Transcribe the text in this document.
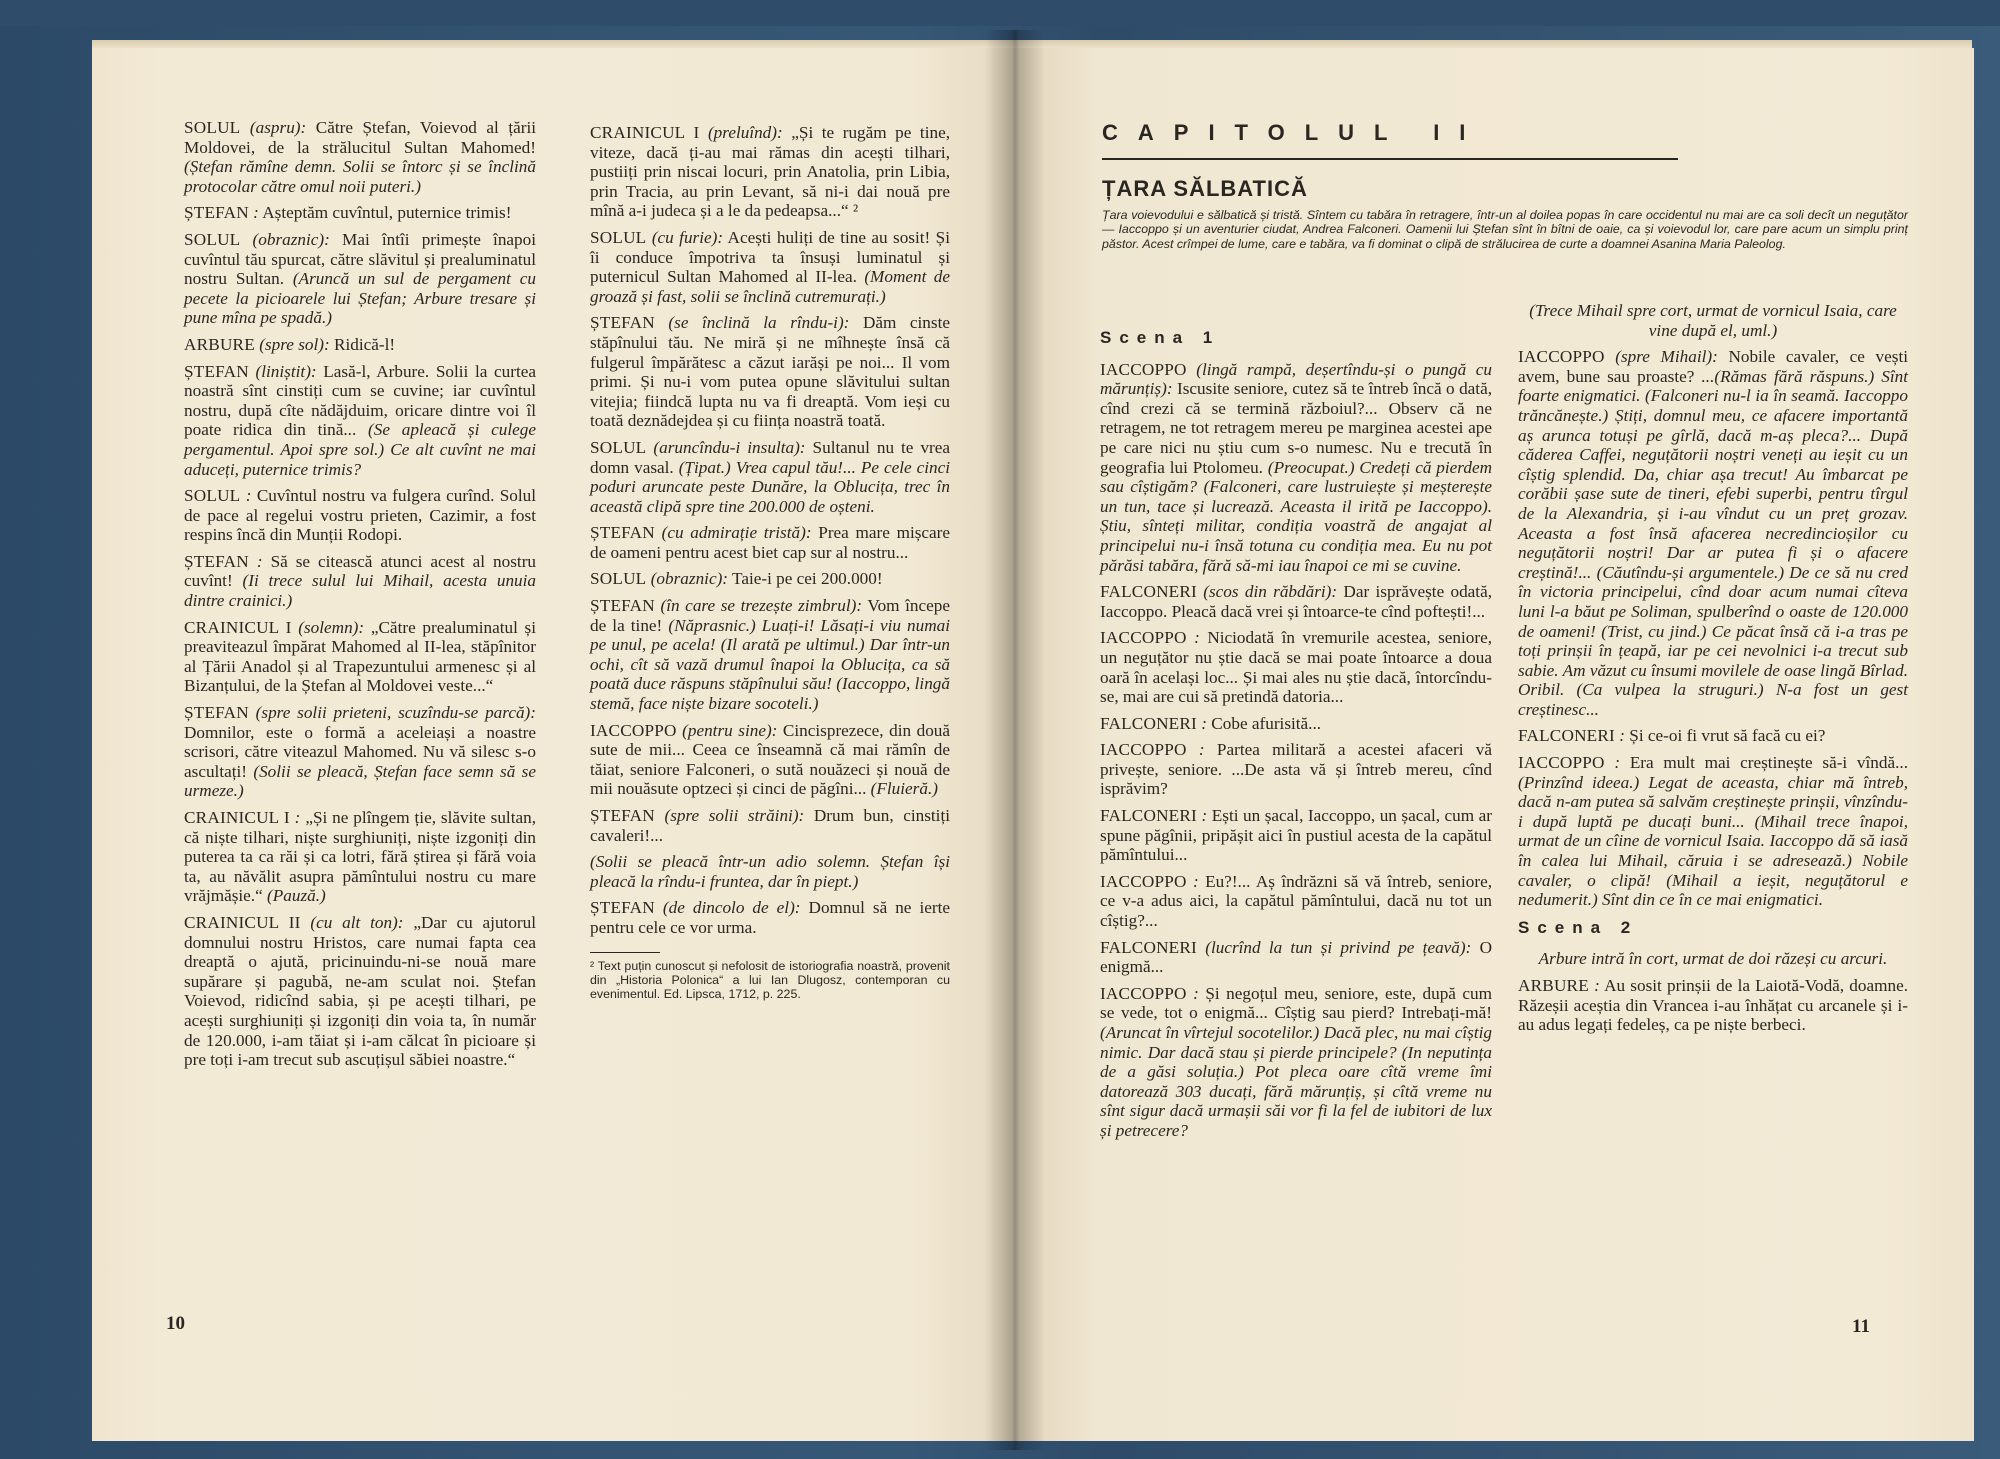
SOLUL (aspru): Către Ștefan, Voievod al țării Moldovei, de la strălucitul Sultan Mahomed! (Ștefan rămîne demn. Solii se întorc și se înclină protocolar către omul noii puteri.)

ȘTEFAN : Așteptăm cuvîntul, puternice trimis!

SOLUL (obraznic): Mai întîi primește înapoi cuvîntul tău spurcat, către slăvitul și prealuminatul nostru Sultan. (Aruncă un sul de pergament cu pecete la picioarele lui Ștefan; Arbure tresare și pune mîna pe spadă.)

ARBURE (spre sol): Ridică-l!

ȘTEFAN (liniștit): Lasă-l, Arbure. Solii la curtea noastră sînt cinstiți cum se cuvine; iar cuvîntul nostru, după cîte nădăjduim, oricare dintre voi îl poate ridica din tină... (Se apleacă și culege pergamentul. Apoi spre sol.) Ce alt cuvînt ne mai aduceți, puternice trimis?

SOLUL : Cuvîntul nostru va fulgera curînd. Solul de pace al regelui vostru prieten, Cazimir, a fost respins încă din Munții Rodopi.

ȘTEFAN : Să se citească atunci acest al nostru cuvînt! (Ii trece sulul lui Mihail, acesta unuia dintre crainici.)

CRAINICUL I (solemn): „Către prealuminatul și preaviteazul împărat Mahomed al II-lea, stăpînitor al Țării Anadol și al Trapezuntului armenesc și al Bizanțului, de la Ștefan al Moldovei veste...“

ȘTEFAN (spre solii prieteni, scuzîndu-se parcă): Domnilor, este o formă a aceleiași a noastre scrisori, către viteazul Mahomed. Nu vă silesc s-o ascultați! (Solii se pleacă, Ștefan face semn să se urmeze.)

CRAINICUL I : „Și ne plîngem ție, slăvite sultan, că niște tilhari, niște surghiuniți, niște izgoniți din puterea ta ca răi și ca lotri, fără știrea și fără voia ta, au năvălit asupra pămîntului nostru cu mare vrăjmășie.“ (Pauză.)

CRAINICUL II (cu alt ton): „Dar cu ajutorul domnului nostru Hristos, care numai fapta cea dreaptă o ajută, pricinuindu-ni-se nouă mare supărare și pagubă, ne-am sculat noi. Ștefan Voievod, ridicînd sabia, și pe acești tilhari, pe acești surghiuniți și izgoniți din voia ta, în număr de 120.000, i-am tăiat și i-am călcat în picioare și pre toți i-am trecut sub ascuțișul săbiei noastre.“

CRAINICUL I (preluînd): „Și te rugăm pe tine, viteze, dacă ți-au mai rămas din acești tilhari, pustiiți prin niscai locuri, prin Anatolia, prin Libia, prin Tracia, au prin Levant, să ni-i dai nouă pre mînă a-i judeca și a le da pedeapsa...“ ²

SOLUL (cu furie): Acești huliți de tine au sosit! Și îi conduce împotriva ta însuși luminatul și puternicul Sultan Mahomed al II-lea. (Moment de groază și fast, solii se înclină cutremurați.)

ȘTEFAN (se înclină la rîndu-i): Dăm cinste stăpînului tău. Ne miră și ne mîhnește însă că fulgerul împărătesc a căzut iarăși pe noi... Il vom primi. Și nu-i vom putea opune slăvitului sultan vitejia; fiindcă lupta nu va fi dreaptă. Vom ieși cu toată deznădejdea și cu ființa noastră toată.

SOLUL (aruncîndu-i insulta): Sultanul nu te vrea domn vasal. (Țipat.) Vrea capul tău!... Pe cele cinci poduri aruncate peste Dunăre, la Oblucița, trec în această clipă spre tine 200.000 de oșteni.

ȘTEFAN (cu admirație tristă): Prea mare mișcare de oameni pentru acest biet cap sur al nostru...

SOLUL (obraznic): Taie-i pe cei 200.000!

ȘTEFAN (în care se trezește zimbrul): Vom începe de la tine! (Năprasnic.) Luați-i! Lăsați-i viu numai pe unul, pe acela! (Il arată pe ultimul.) Dar într-un ochi, cît să vază drumul înapoi la Oblucița, ca să poată duce răspuns stăpînului său! (Iaccoppo, lingă stemă, face niște bizare socoteli.)

IACCOPPO (pentru sine): Cincisprezece, din două sute de mii... Ceea ce înseamnă că mai rămîn de tăiat, seniore Falconeri, o sută nouăzeci și nouă de mii nouăsute optzeci și cinci de păgîni... (Fluieră.)

ȘTEFAN (spre solii străini): Drum bun, cinstiți cavaleri!...

(Solii se pleacă într-un adio solemn. Ștefan își pleacă la rîndu-i fruntea, dar în piept.)

ȘTEFAN (de dincolo de el): Domnul să ne ierte pentru cele ce vor urma.

² Text puțin cunoscut și nefolosit de istoriografia noastră, provenit din „Historia Polonica“ a lui Ian Dlugosz, contemporan cu evenimentul. Ed. Lipsca, 1712, p. 225.
10
CAPITOLUL II
ȚARA SĂLBATICĂ
Țara voievodului e sălbatică și tristă. Sîntem cu tabăra în retragere, într-un al doilea popas în care occidentul nu mai are ca soli decît un neguțător — Iaccoppo și un aventurier ciudat, Andrea Falconeri. Oamenii lui Ștefan sînt în bîtni de oaie, ca și voievodul lor, care pare acum un simplu prinț păstor. Acest crîmpei de lume, care e tabăra, va fi dominat o clipă de strălucirea de curte a doamnei Asanina Maria Paleolog.
Scena 1

IACCOPPO (lingă rampă, deșertîndu-și o pungă cu mărunțiș): Iscusite seniore, cutez să te întreb încă o dată, cînd crezi că se termină războiul?... Observ că ne retragem, ne tot retragem mereu pe marginea acestei ape pe care nici nu știu cum s-o numesc. Nu e trecută în geografia lui Ptolomeu. (Preocupat.) Credeți că pierdem sau cîștigăm? (Falconeri, care lustruiește și meșterește un tun, tace și lucrează. Aceasta il irită pe Iaccoppo). Știu, sînteți militar, condiția voastră de angajat al principelui nu-i însă totuna cu condiția mea. Eu nu pot părăsi tabăra, fără să-mi iau înapoi ce mi se cuvine.

FALCONERI (scos din răbdări): Dar isprăvește odată, Iaccoppo. Pleacă dacă vrei și întoarce-te cînd poftești!...

IACCOPPO : Niciodată în vremurile acestea, seniore, un neguțător nu știe dacă se mai poate întoarce a doua oară în același loc... Și mai ales nu știe dacă, întorcîndu-se, mai are cui să pretindă datoria...

FALCONERI : Cobe afurisită...

IACCOPPO : Partea militară a acestei afaceri vă privește, seniore. ...De asta vă și întreb mereu, cînd isprăvim?

FALCONERI : Ești un șacal, Iaccoppo, un șacal, cum ar spune păgînii, pripășit aici în pustiul acesta de la capătul pămîntului...

IACCOPPO : Eu?!... Aș îndrăzni să vă întreb, seniore, ce v-a adus aici, la capătul pămîntului, dacă nu tot un cîștig?...

FALCONERI (lucrînd la tun și privind pe țeavă): O enigmă...

IACCOPPO : Și negoțul meu, seniore, este, după cum se vede, tot o enigmă... Cîștig sau pierd? Intrebați-mă! (Aruncat în vîrtejul socotelilor.) Dacă plec, nu mai cîștig nimic. Dar dacă stau și pierde principele? (In neputința de a găsi soluția.) Pot pleca oare cîtă vreme îmi datorează 303 ducați, fără mărunțiș, și cîtă vreme nu sînt sigur dacă urmașii săi vor fi la fel de iubitori de lux și petrecere?

(Trece Mihail spre cort, urmat de vornicul Isaia, care vine după el, uml.)

IACCOPPO (spre Mihail): Nobile cavaler, ce vești avem, bune sau proaste? ...(Rămas fără răspuns.) Sînt foarte enigmatici. (Falconeri nu-l ia în seamă. Iaccoppo trăncănește.) Știți, domnul meu, ce afacere importantă aș arunca totuși pe gîrlă, dacă m-aș pleca?... După căderea Caffei, neguțătorii noștri veneți au ieșit cu un cîștig splendid. Da, chiar așa trecut! Au îmbarcat pe corăbii șase sute de tineri, efebi superbi, pentru tîrgul de la Alexandria, și i-au vîndut cu un preț grozav. Aceasta a fost însă afacerea necredincioșilor cu neguțătorii noștri! Dar ar putea fi și o afacere creștină!... (Căutîndu-și argumentele.) De ce să nu cred în victoria principelui, cînd doar acum numai cîteva luni l-a băut pe Soliman, spulberînd o oaste de 120.000 de oameni! (Trist, cu jind.) Ce păcat însă că i-a tras pe toți prinșii în țeapă, iar pe cei nevolnici i-a trecut sub sabie. Am văzut cu însumi movilele de oase lingă Bîrlad. Oribil. (Ca vulpea la struguri.) N-a fost un gest creștinesc...

FALCONERI : Și ce-oi fi vrut să facă cu ei?

IACCOPPO : Era mult mai creștinește să-i vîndă... (Prinzînd ideea.) Legat de aceasta, chiar mă întreb, dacă n-am putea să salvăm creștinește prinșii, vînzîndu-i după luptă pe ducați buni... (Mihail trece înapoi, urmat de un cîine de vornicul Isaia. Iaccoppo dă să iasă în calea lui Mihail, căruia i se adresează.) Nobile cavaler, o clipă! (Mihail a ieșit, neguțătorul e nedumerit.) Sînt din ce în ce mai enigmatici.

Scena 2

Arbure intră în cort, urmat de doi răzeși cu arcuri.

ARBURE : Au sosit prinșii de la Laiotă-Vodă, doamne. Răzeșii aceștia din Vrancea i-au înhățat cu arcanele și i-au adus legați fedeleș, ca pe niște berbeci.

11
